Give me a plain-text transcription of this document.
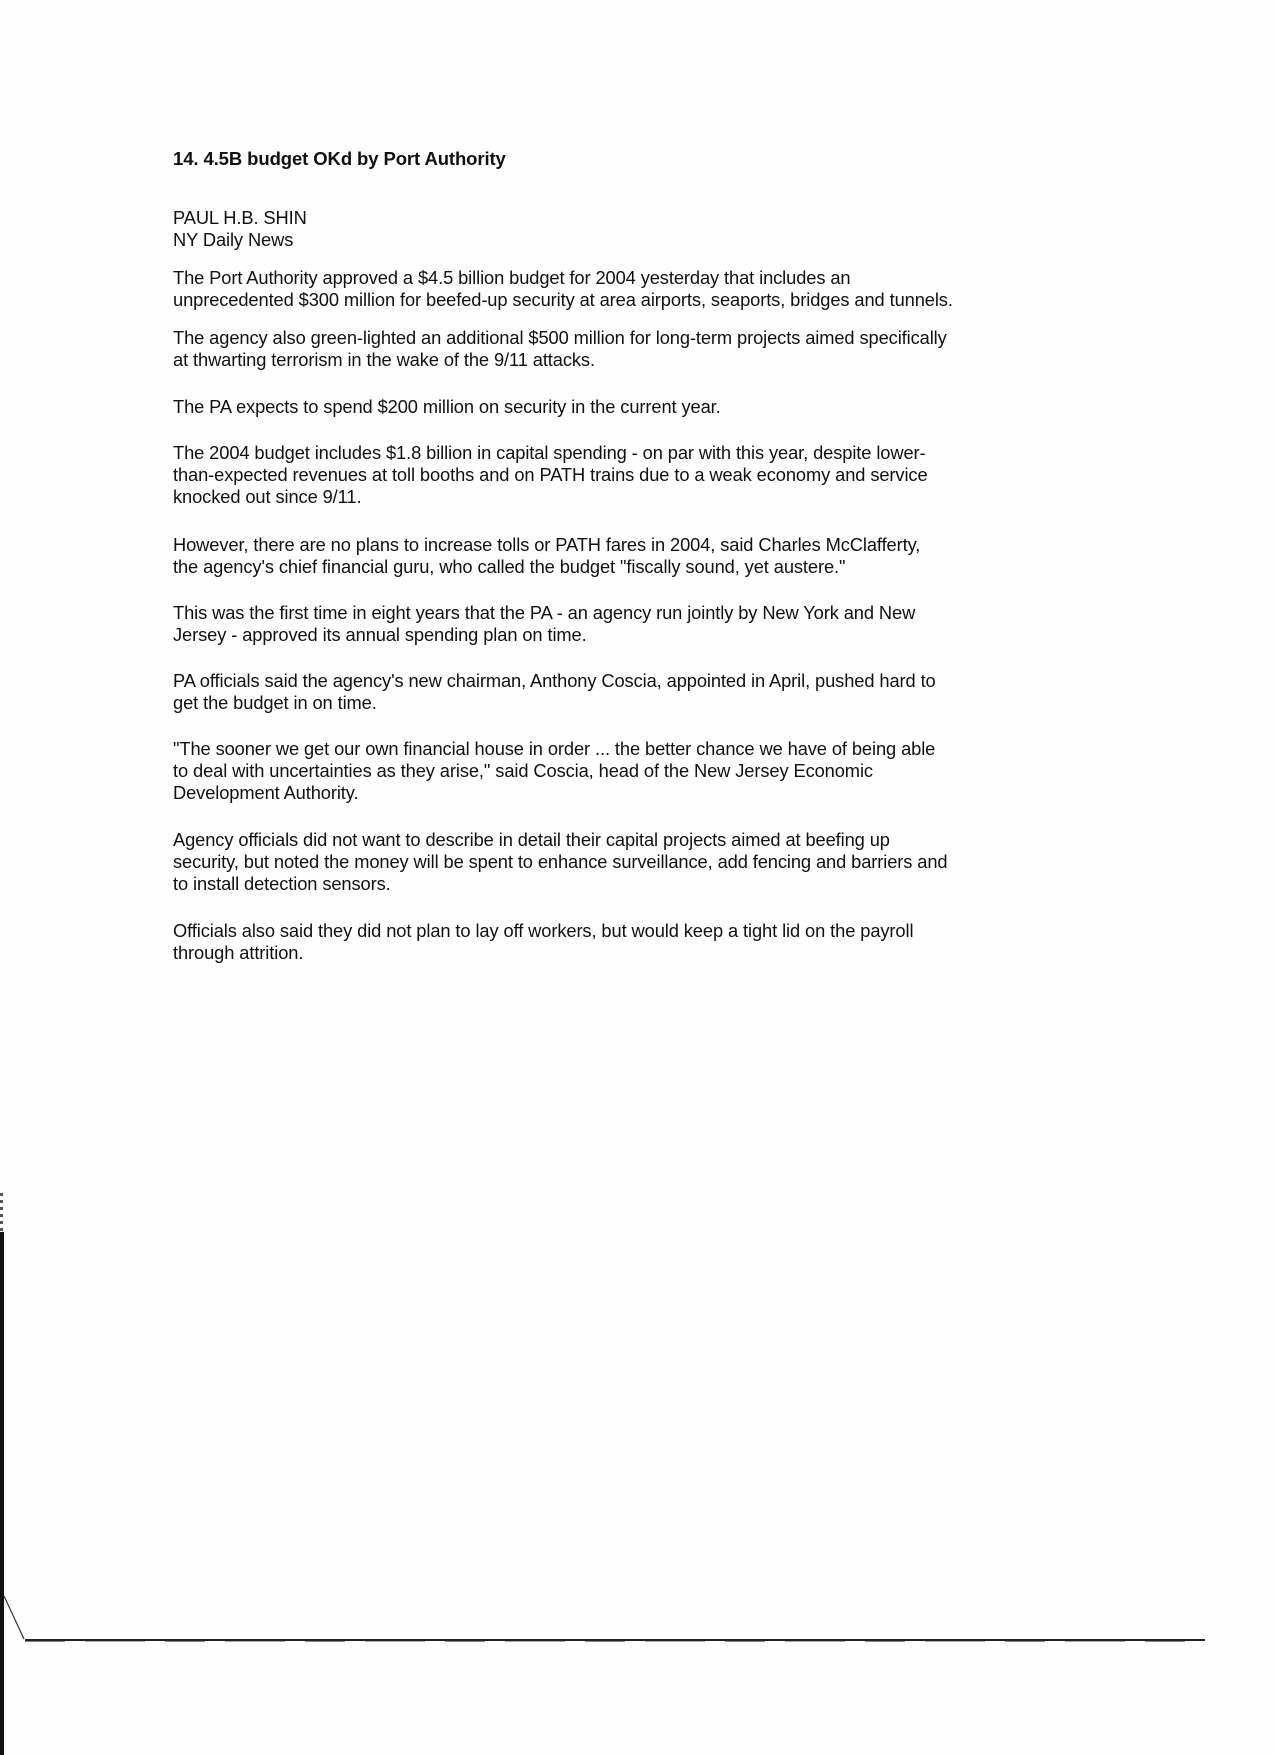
14. 4.5B budget OKd by Port Authority
PAUL H.B. SHIN
NY Daily News
The Port Authority approved a $4.5 billion budget for 2004 yesterday that includes an
unprecedented $300 million for beefed-up security at area airports, seaports, bridges and tunnels.
The agency also green-lighted an additional $500 million for long-term projects aimed specifically
at thwarting terrorism in the wake of the 9/11 attacks.
The PA expects to spend $200 million on security in the current year.
The 2004 budget includes $1.8 billion in capital spending - on par with this year, despite lower-
than-expected revenues at toll booths and on PATH trains due to a weak economy and service
knocked out since 9/11.
However, there are no plans to increase tolls or PATH fares in 2004, said Charles McClafferty,
the agency's chief financial guru, who called the budget "fiscally sound, yet austere."
This was the first time in eight years that the PA - an agency run jointly by New York and New
Jersey - approved its annual spending plan on time.
PA officials said the agency's new chairman, Anthony Coscia, appointed in April, pushed hard to
get the budget in on time.
"The sooner we get our own financial house in order ... the better chance we have of being able
to deal with uncertainties as they arise," said Coscia, head of the New Jersey Economic
Development Authority.
Agency officials did not want to describe in detail their capital projects aimed at beefing up
security, but noted the money will be spent to enhance surveillance, add fencing and barriers and
to install detection sensors.
Officials also said they did not plan to lay off workers, but would keep a tight lid on the payroll
through attrition.
